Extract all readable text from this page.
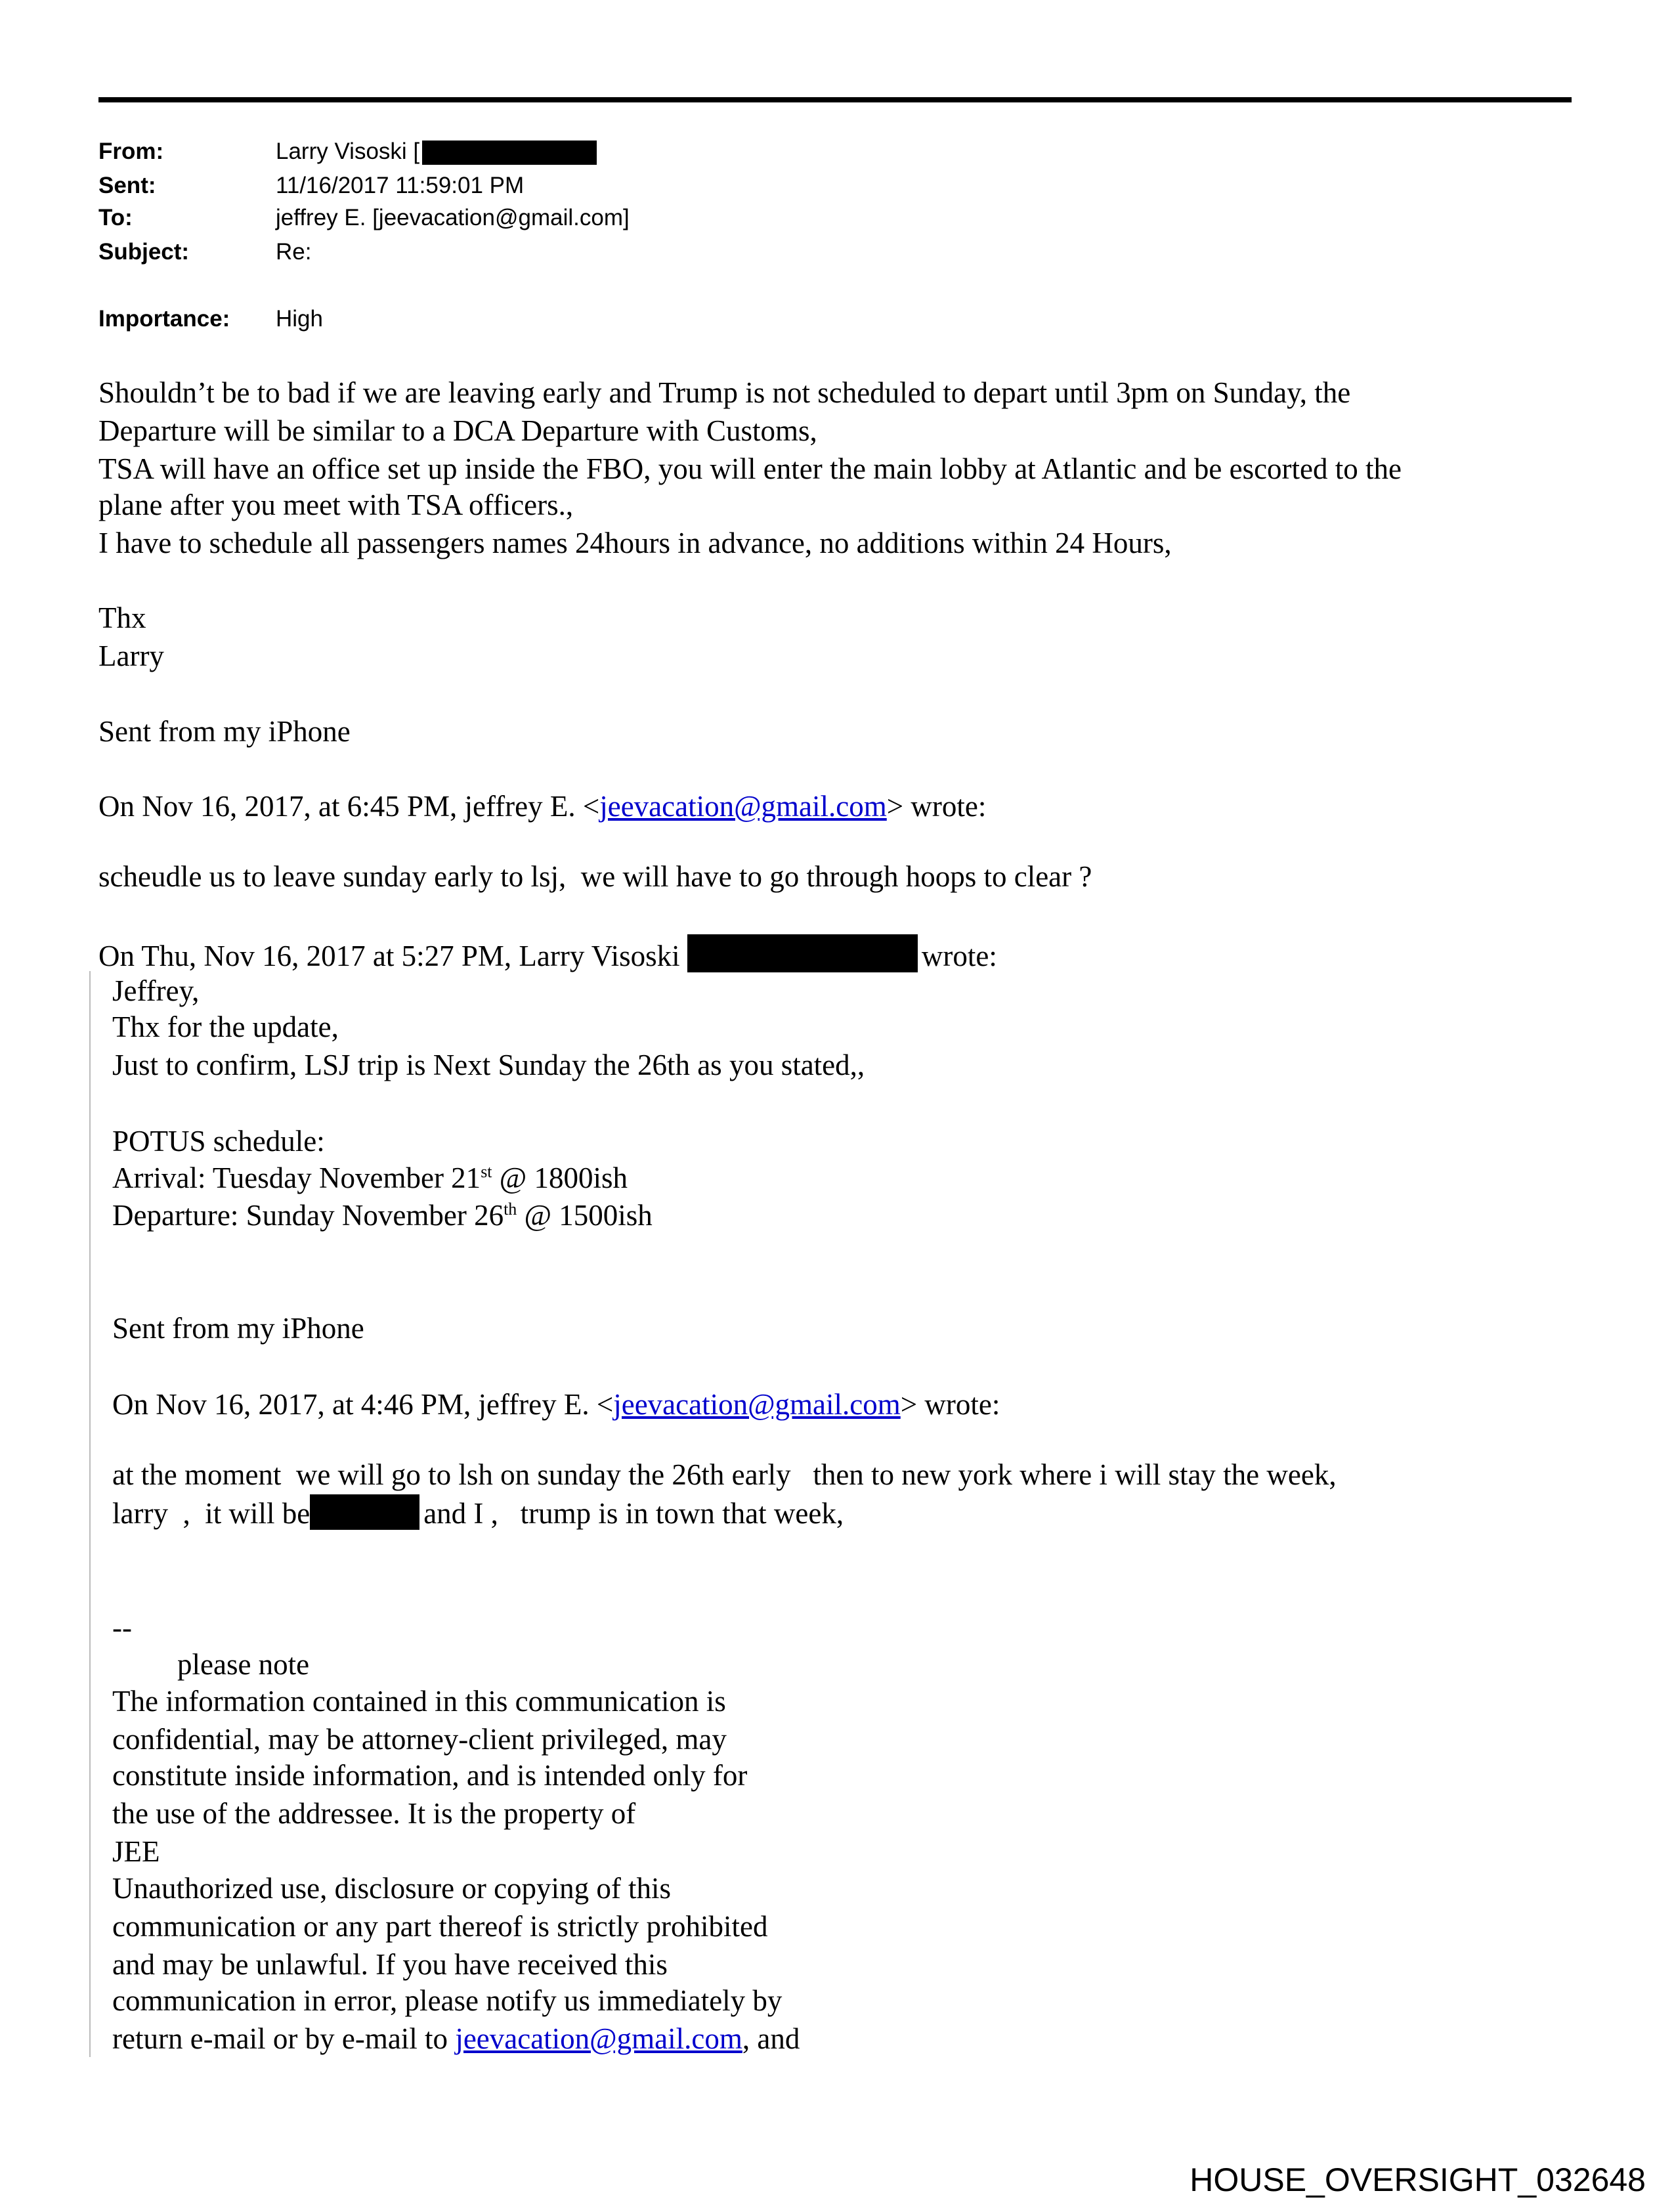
From:	Larry Visoski [
Sent:	11/16/2017 11:59:01 PM
To:	jeffrey E. [jeevacation@gmail.com]
Subject:	Re:
Importance: High
Shouldn’t be to bad if we are leaving early and Trump is not scheduled to depart until 3pm on Sunday, the
Departure will be similar to a DCA Departure with Customs,
TSA will have an office set up inside the FBO, you will enter the main lobby at Atlantic and be escorted to the
plane after you meet with TSA officers.,
I have to schedule all passengers names 24hours in advance, no additions within 24 Hours,
Thx
Larry
Sent from my iPhone
On Nov 16, 2017, at 6:45 PM, jeffrey E. <jeevacation@gmail.com> wrote:
scheudle us to leave sunday early to lsj,  we will have to go through hoops to clear ?
On Thu, Nov 16, 2017 at 5:27 PM, Larry Visoski	wrote:
Jeffrey,
Thx for the update,
Just to confirm, LSJ trip is Next Sunday the 26th as you stated,,
POTUS schedule:
Arrival: Tuesday November 21st @ 1800ish
Departure: Sunday November 26th @ 1500ish
Sent from my iPhone
On Nov 16, 2017, at 4:46 PM, jeffrey E. <jeevacation@gmail.com> wrote:
at the moment  we will go to lsh on sunday the 26th early   then to new york where i will stay the week,
larry  ,  it will be	and I ,   trump is in town that week,
--
please note
The information contained in this communication is
confidential, may be attorney-client privileged, may
constitute inside information, and is intended only for
the use of the addressee. It is the property of
JEE
Unauthorized use, disclosure or copying of this
communication or any part thereof is strictly prohibited
and may be unlawful. If you have received this
communication in error, please notify us immediately by
return e-mail or by e-mail to jeevacation@gmail.com, and
HOUSE_OVERSIGHT_032648
